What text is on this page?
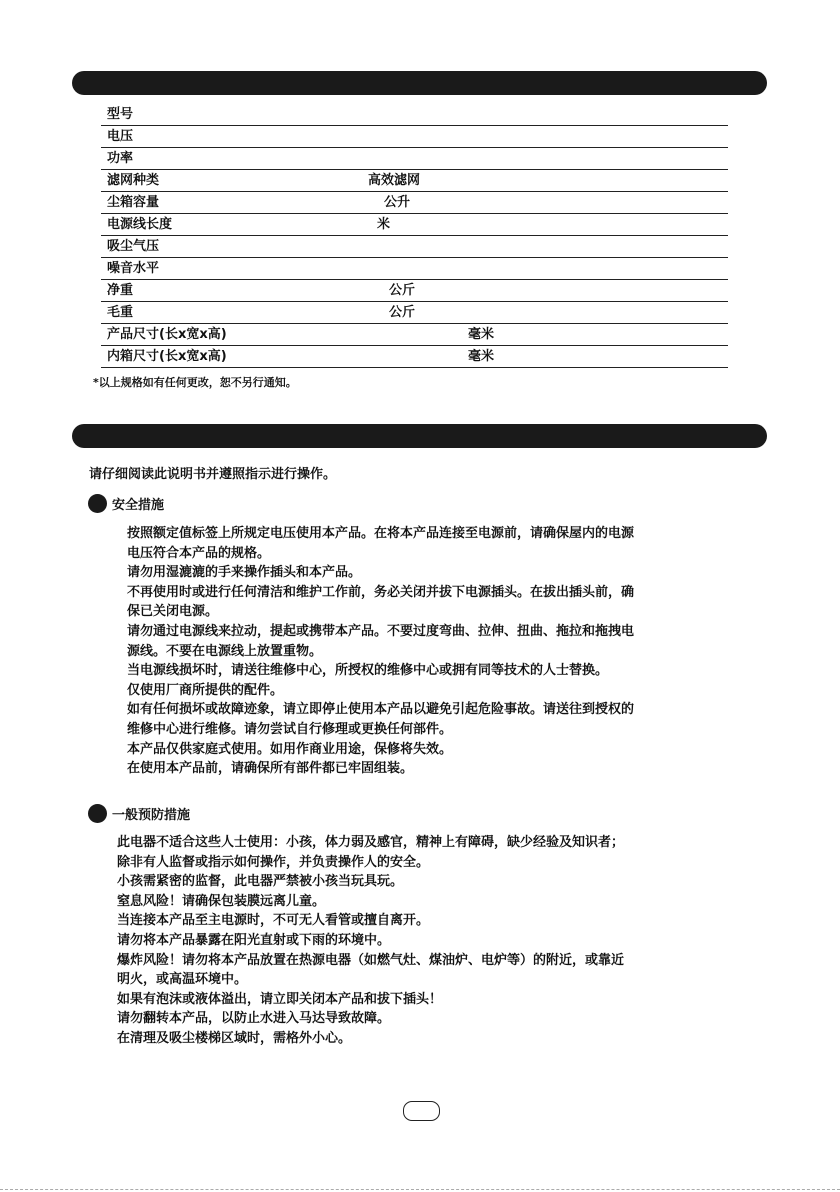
型号
电压
功率
滤网种类	高效滤网
尘箱容量	公升
电源线长度	米
吸尘气压
噪音水平
净重	公斤
毛重	公斤
产品尺寸(长x宽x高)	毫米
内箱尺寸(长x宽x高)	毫米
*以上规格如有任何更改，恕不另行通知。
请仔细阅读此说明书并遵照指示进行操作。
安全措施
按照额定值标签上所规定电压使用本产品。在将本产品连接至电源前，请确保屋内的电源
电压符合本产品的规格。
请勿用湿漉漉的手来操作插头和本产品。
不再使用时或进行任何清洁和维护工作前，务必关闭并拔下电源插头。在拔出插头前，确
保已关闭电源。
请勿通过电源线来拉动，提起或携带本产品。不要过度弯曲、拉伸、扭曲、拖拉和拖拽电
源线。不要在电源线上放置重物。
当电源线损坏时，请送往维修中心，所授权的维修中心或拥有同等技术的人士替换。
仅使用厂商所提供的配件。
如有任何损坏或故障迹象，请立即停止使用本产品以避免引起危险事故。请送往到授权的
维修中心进行维修。请勿尝试自行修理或更换任何部件。
本产品仅供家庭式使用。如用作商业用途，保修将失效。
在使用本产品前，请确保所有部件都已牢固组装。
一般预防措施
此电器不适合这些人士使用：小孩，体力弱及感官，精神上有障碍，缺少经验及知识者；
除非有人监督或指示如何操作，并负责操作人的安全。
小孩需紧密的监督，此电器严禁被小孩当玩具玩。
窒息风险！请确保包装膜远离儿童。
当连接本产品至主电源时，不可无人看管或擅自离开。
请勿将本产品暴露在阳光直射或下雨的环境中。
爆炸风险！请勿将本产品放置在热源电器（如燃气灶、煤油炉、电炉等）的附近，或靠近
明火，或高温环境中。
如果有泡沫或液体溢出，请立即关闭本产品和拔下插头！
请勿翻转本产品，以防止水进入马达导致故障。
在清理及吸尘楼梯区域时，需格外小心。
